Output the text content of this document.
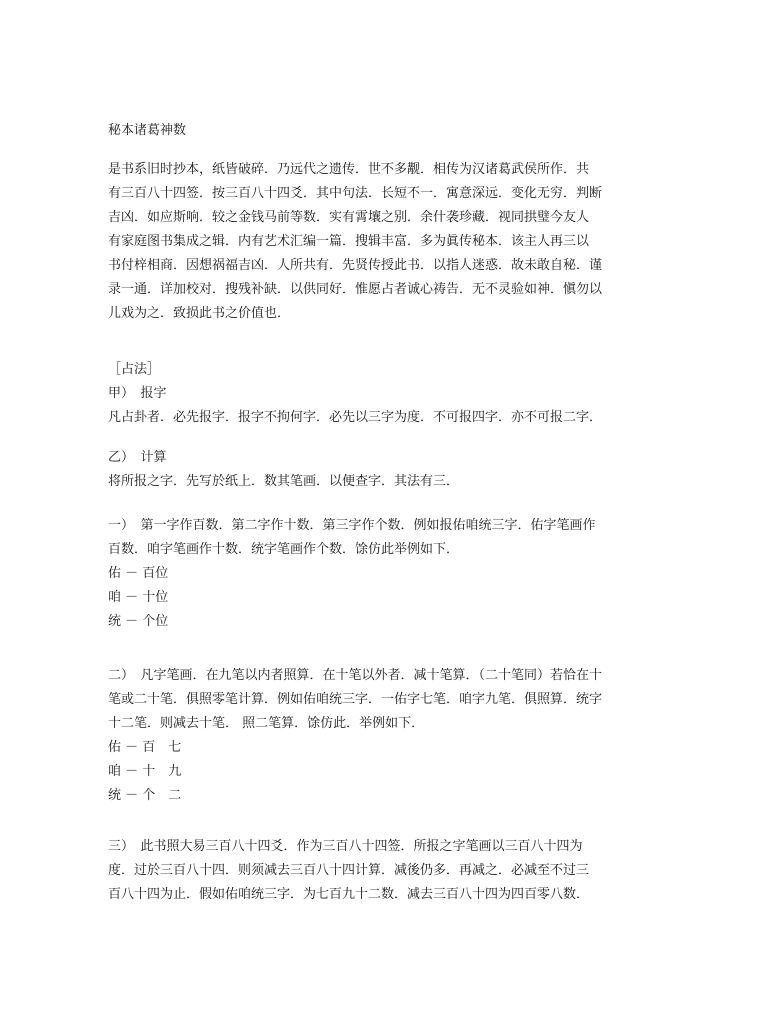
秘本诸葛神数
是书系旧时抄本，纸皆破碎．乃远代之遗传．世不多觏．相传为汉诸葛武侯所作．共
有三百八十四签．按三百八十四爻．其中句法．长短不一．寓意深远．变化无穷．判断
吉凶．如应斯响．较之金钱马前等数．实有霄壤之别．余什袭珍藏．视同拱璧今友人
有家庭图书集成之辑．内有艺术汇编一篇．搜辑丰富．多为眞传秘本．该主人再三以
书付梓相商．因想祸福吉凶．人所共有．先贤传授此书．以指人迷惑．故未敢自秘．谨
录一通．详加校对．搜残补缺．以供同好．惟愿占者诚心祷告．无不灵验如神．愼勿以
儿戏为之．致损此书之价值也．
［占法］
甲）　报字
凡占卦者．必先报字．报字不拘何字．必先以三字为度．不可报四字．亦不可报二字．
乙）　计算
将所报之字．先写於纸上．数其笔画．以便查字．其法有三．
一）　第一字作百数．第二字作十数．第三字作个数．例如报佑咱统三字．佑字笔画作
百数．咱字笔画作十数．统字笔画作个数．馀仿此举例如下．
佑 － 百位
咱 － 十位
统 － 个位
二）　凡字笔画．在九笔以内者照算．在十笔以外者．减十笔算．（二十笔同）若恰在十
笔或二十笔．俱照零笔计算．例如佑咱统三字．一佑字七笔．咱字九笔．俱照算．统字
十二笔．则减去十笔． 照二笔算．馀仿此．举例如下．
佑 － 百　七
咱 － 十　九
统 － 个　二
三）　此书照大易三百八十四爻．作为三百八十四签．所报之字笔画以三百八十四为
度．过於三百八十四．则须减去三百八十四计算．减後仍多．再减之．必减至不过三
百八十四为止．假如佑咱统三字．为七百九十二数．减去三百八十四为四百零八数．
